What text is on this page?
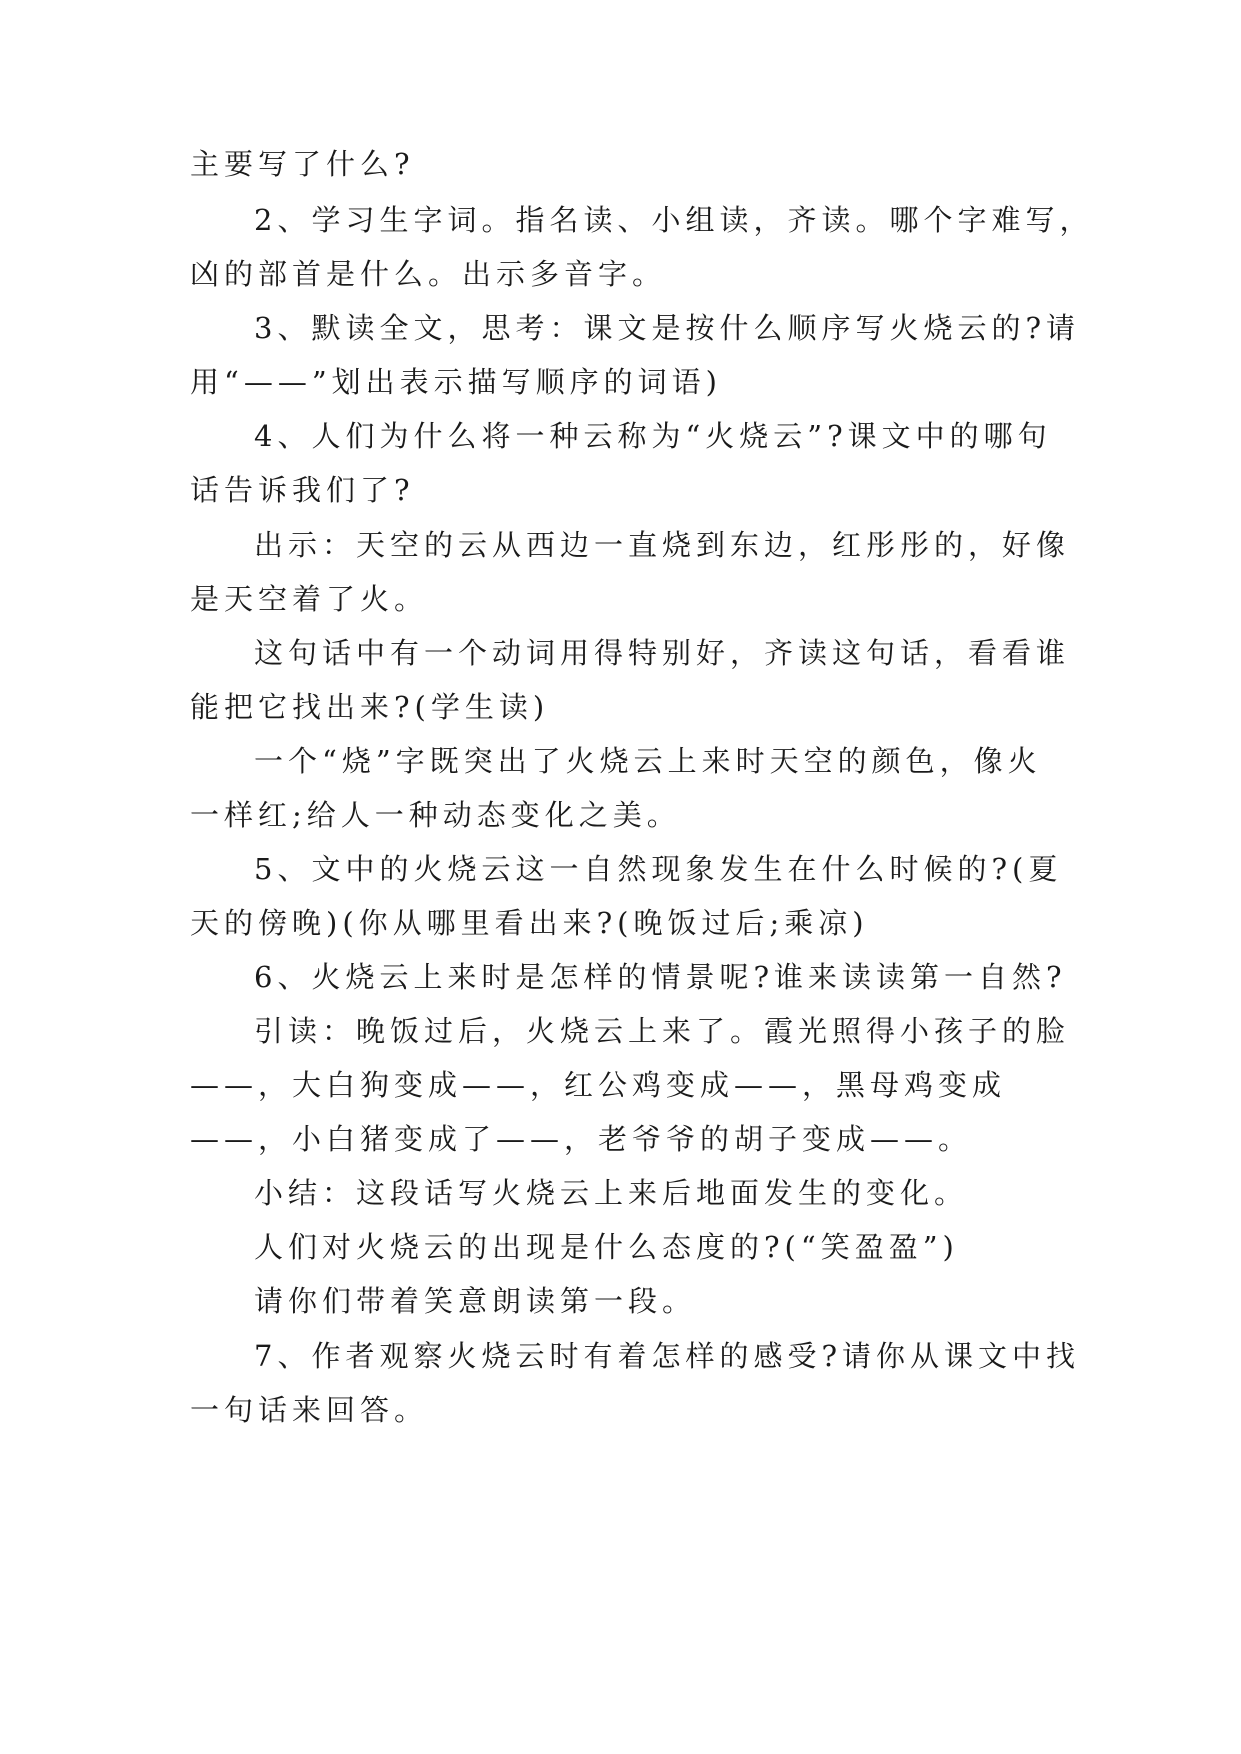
主要写了什么?
2、学习生字词。指名读、小组读，齐读。哪个字难写，
凶的部首是什么。出示多音字。
3、默读全文，思考：课文是按什么顺序写火烧云的?请
用“——”划出表示描写顺序的词语)
4、人们为什么将一种云称为“火烧云”?课文中的哪句
话告诉我们了?
出示：天空的云从西边一直烧到东边，红彤彤的，好像
是天空着了火。
这句话中有一个动词用得特别好，齐读这句话，看看谁
能把它找出来?(学生读)
一个“烧”字既突出了火烧云上来时天空的颜色，像火
一样红;给人一种动态变化之美。
5、文中的火烧云这一自然现象发生在什么时候的?(夏
天的傍晚)(你从哪里看出来?(晚饭过后;乘凉)
6、火烧云上来时是怎样的情景呢?谁来读读第一自然?
引读：晚饭过后，火烧云上来了。霞光照得小孩子的脸
——，大白狗变成——，红公鸡变成——，黑母鸡变成
——，小白猪变成了——，老爷爷的胡子变成——。
小结：这段话写火烧云上来后地面发生的变化。
人们对火烧云的出现是什么态度的?(“笑盈盈”)
请你们带着笑意朗读第一段。
7、作者观察火烧云时有着怎样的感受?请你从课文中找
一句话来回答。
